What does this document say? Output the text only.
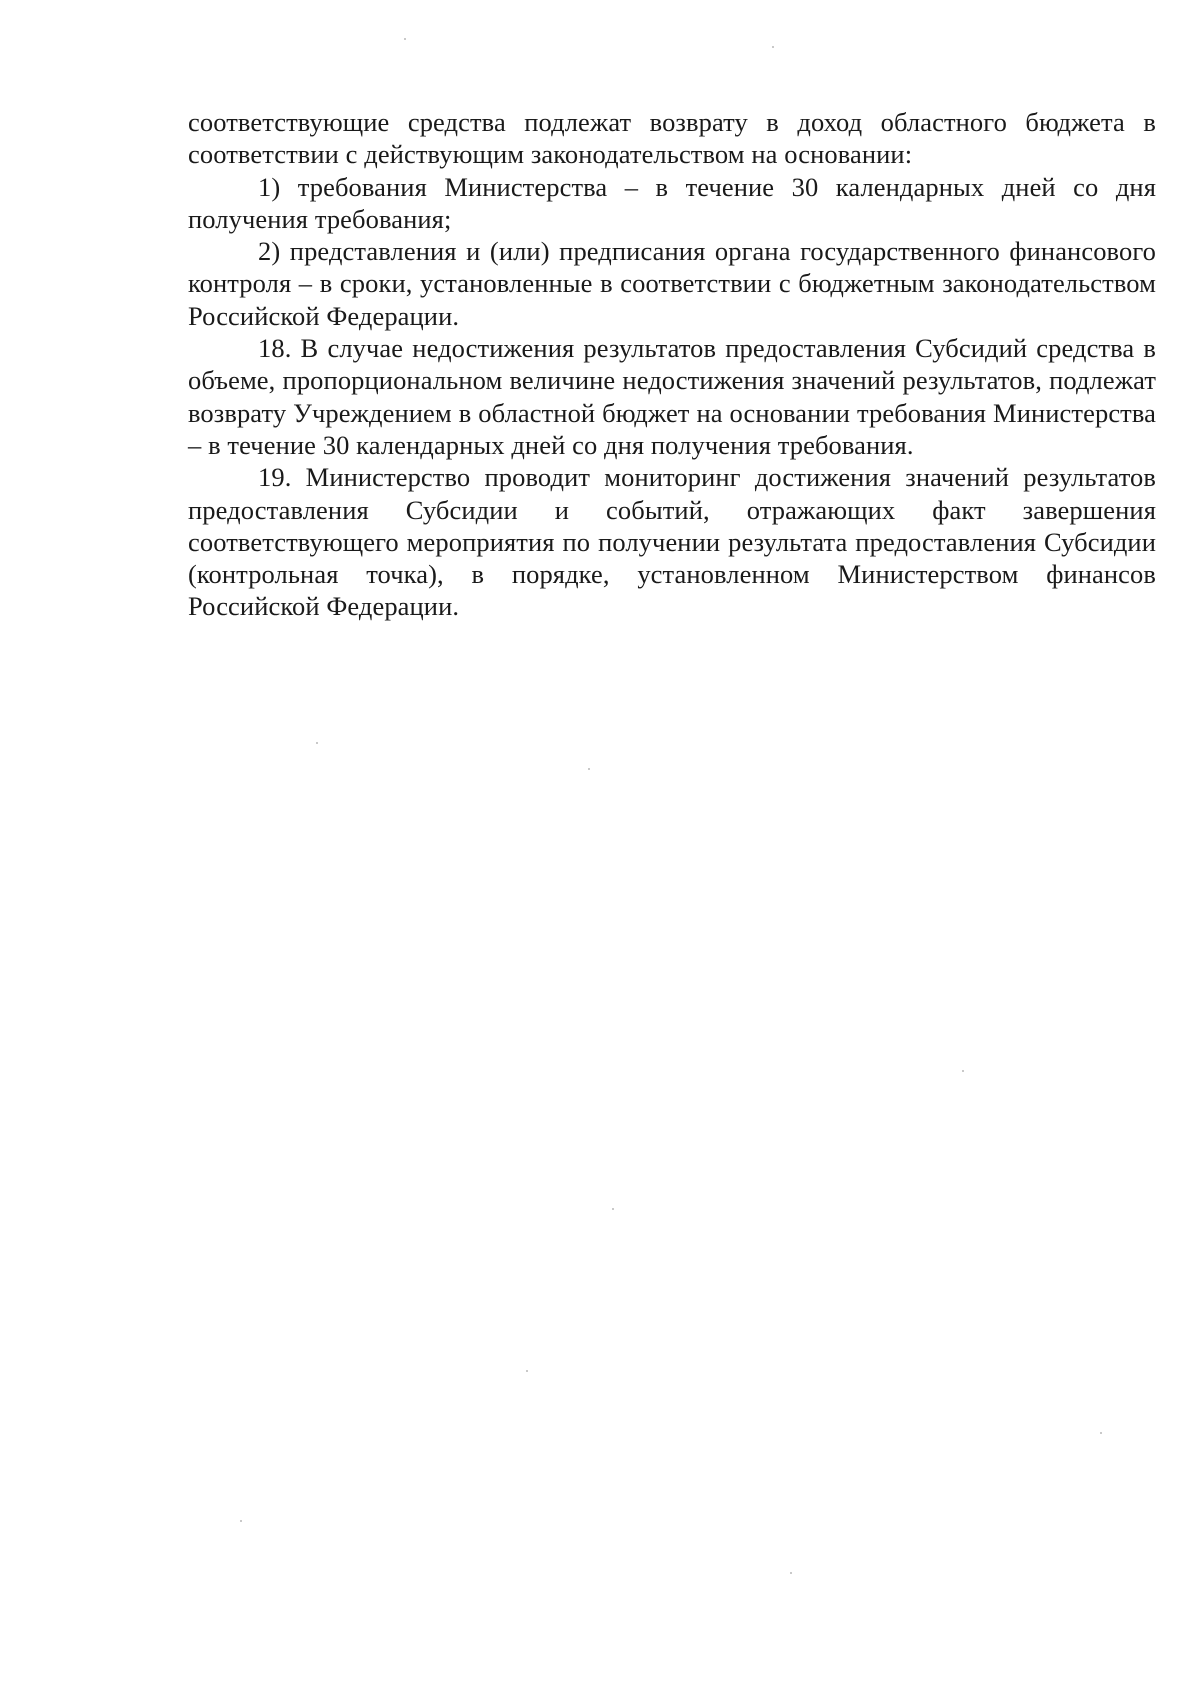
соответствующие средства подлежат возврату в доход областного бюджета в соответствии с действующим законодательством на основании:

1) требования Министерства – в течение 30 календарных дней со дня получения требования;

2) представления и (или) предписания органа государственного финансового контроля – в сроки, установленные в соответствии с бюджетным законодательством Российской Федерации.

18. В случае недостижения результатов предоставления Субсидий средства в объеме, пропорциональном величине недостижения значений результатов, подлежат возврату Учреждением в областной бюджет на основании требования Министерства – в течение 30 календарных дней со дня получения требования.

19. Министерство проводит мониторинг достижения значений результатов предоставления Субсидии и событий, отражающих факт завершения соответствующего мероприятия по получении результата предоставления Субсидии (контрольная точка), в порядке, установленном Министерством финансов Российской Федерации.
